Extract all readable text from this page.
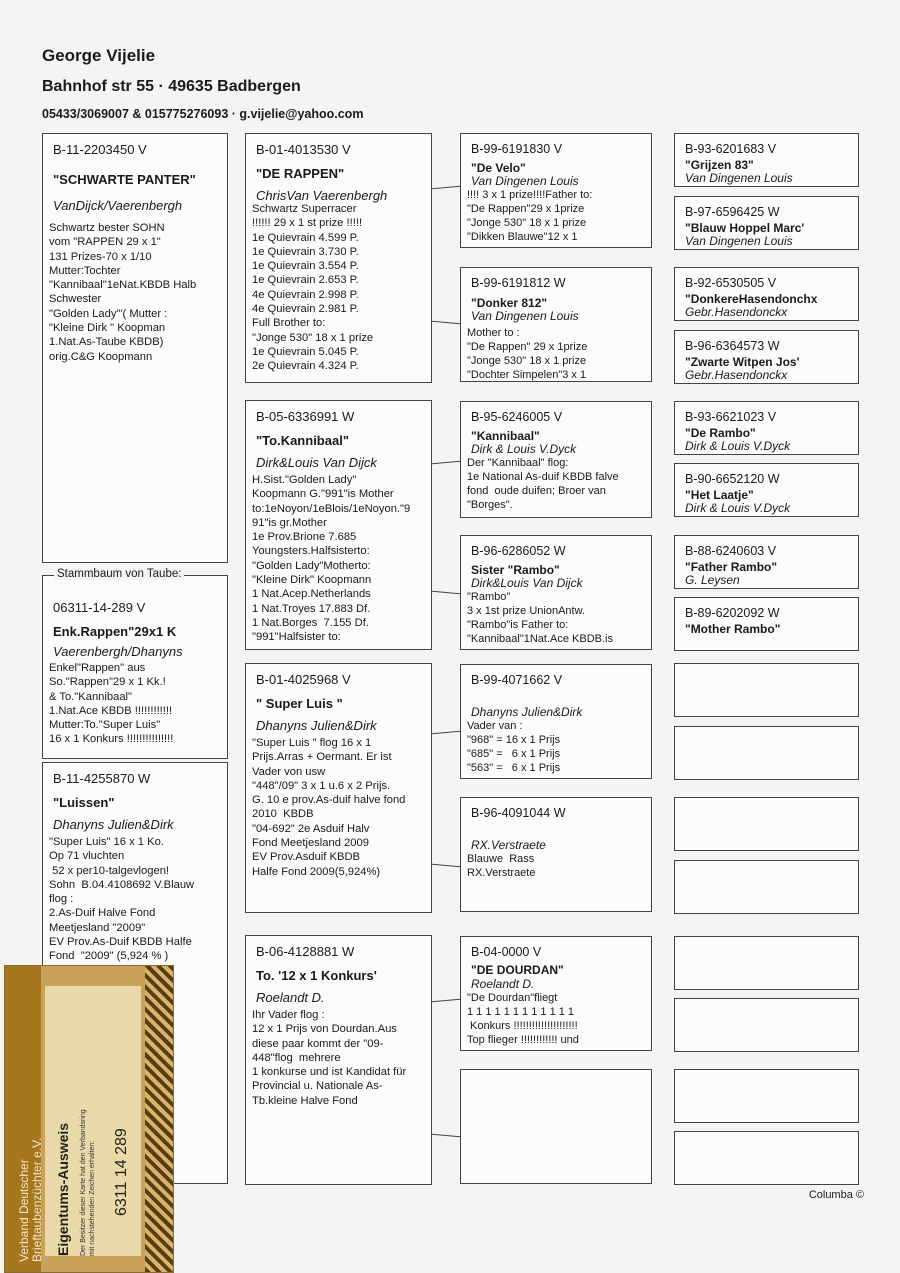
George Vijelie
Bahnhof str 55 · 49635 Badbergen
05433/3069007 & 015775276093 · g.vijelie@yahoo.com
B-11-2203450 V
"SCHWARTE PANTER"
VanDijck/Vaerenbergh
Schwartz bester SOHN
vom "RAPPEN 29 x 1"
131 Prizes-70 x 1/10
Mutter:Tochter
"Kannibaal"1eNat.KBDB Halb
Schwester
"Golden Lady"'( Mutter :
"Kleine Dirk " Koopman
1.Nat.As-Taube KBDB)
orig.C&G Koopmann
06311-14-289 V
Enk.Rappen"29x1 K
Vaerenbergh/Dhanyns
Enkel"Rappen" aus
So."Rappen"29 x 1 Kk.!
& To."Kannibaal"
1.Nat.Ace KBDB !!!!!!!!!!!!
Mutter:To."Super Luis"
16 x 1 Konkurs !!!!!!!!!!!!!!!
Stammbaum von Taube:
B-11-4255870 W
"Luissen"
Dhanyns Julien&Dirk
"Super Luis" 16 x 1 Ko.
Op 71 vluchten
52 x per10-talgevlogen!
Sohn  B.04.4108692 V.Blauw
flog :
2.As-Duif Halve Fond
Meetjesland "2009"
EV Prov.As-Duif KBDB Halfe
Fond  "2009" (5,924 % )
B-01-4013530 V
"DE RAPPEN"
ChrisVan Vaerenbergh
Schwartz Superracer
!!!!!! 29 x 1 st prize !!!!!
1e Quievrain 4.599 P.
1e Quievrain 3.730 P.
1e Quievrain 3.554 P.
1e Quievrain 2.653 P.
4e Quievrain 2.998 P.
4e Quievrain 2.981 P.
Full Brother to:
"Jonge 530" 18 x 1 prize
1e Quievrain 5.045 P.
2e Quievrain 4.324 P.
B-05-6336991 W
"To.Kannibaal"
Dirk&Louis Van Dijck
H.Sist."Golden Lady"
Koopmann G."991"is Mother
to:1eNoyon/1eBlois/1eNoyon."9
91"is gr.Mother
1e Prov.Brione 7.685
Youngsters.Halfsisterto:
"Golden Lady"Motherto:
"Kleine Dirk" Koopmann
1 Nat.Acep.Netherlands
1 Nat.Troyes 17.883 Df.
1 Nat.Borges  7.155 Df.
"991"Halfsister to:
B-01-4025968 V
" Super Luis "
Dhanyns Julien&Dirk
"Super Luis " flog 16 x 1
Prijs.Arras + Oermant. Er ist
Vader von usw
"448"/09" 3 x 1 u.6 x 2 Prijs.
G. 10 e prov.As-duif halve fond
2010  KBDB
"04-692" 2e Asduif Halv
Fond Meetjesland 2009
EV Prov.Asduif KBDB
Halfe Fond 2009(5,924%)
B-06-4128881 W
To. '12 x 1 Konkurs'
Roelandt D.
Ihr Vader flog :
12 x 1 Prijs von Dourdan.Aus
diese paar kommt der "09-
448"flog  mehrere
1 konkurse und ist Kandidat für
Provincial u. Nationale As-
Tb.kleine Halve Fond
B-99-6191830 V
"De Velo"
Van Dingenen Louis
!!!! 3 x 1 prize!!!!Father to:
"De Rappen"29 x 1prize
"Jonge 530" 18 x 1 prize
"Dikken Blauwe"12 x 1
B-99-6191812 W
"Donker 812"
Van Dingenen Louis
Mother to :
"De Rappen" 29 x 1prize
"Jonge 530" 18 x 1 prize
"Dochter Simpelen"3 x 1
B-95-6246005 V
"Kannibaal"
Dirk & Louis V.Dyck
Der "Kannibaal" flog:
1e National As-duif KBDB falve
fond  oude duifen; Broer van
"Borges".
B-96-6286052 W
Sister "Rambo"
Dirk&Louis Van Dijck
"Rambo"
3 x 1st prize UnionAntw.
"Rambo"is Father to:
"Kannibaal"1Nat.Ace KBDB.is
B-99-4071662 V
Dhanyns Julien&Dirk
Vader van :
"968" = 16 x 1 Prijs
"685" =   6 x 1 Prijs
"563" =   6 x 1 Prijs
B-96-4091044 W
RX.Verstraete
Blauwe  Rass
RX.Verstraete
B-04-0000 V
"DE DOURDAN"
Roelandt D.
"De Dourdan"fliegt
1 1 1 1 1 1 1 1 1 1 1 1
Konkurs !!!!!!!!!!!!!!!!!!!!!
Top flieger !!!!!!!!!!!! und
B-93-6201683 V
"Grijzen 83"
Van Dingenen Louis
B-97-6596425 W
"Blauw Hoppel Marc'
Van Dingenen Louis
B-92-6530505 V
"DonkereHasendonchx
Gebr.Hasendonckx
B-96-6364573 W
"Zwarte Witpen Jos'
Gebr.Hasendonckx
B-93-6621023 V
"De Rambo"
Dirk & Louis V.Dyck
B-90-6652120 W
"Het Laatje"
Dirk & Louis V.Dyck
B-88-6240603 V
"Father Rambo"
G. Leysen
B-89-6202092 W
"Mother Rambo"
Columba ©
Verband Deutscher Brieftaubenzüchter e.V. Eigentums-Ausweis Der Besitzer dieser Karte hat den Verbandsring mit nachstehenden Zeichen erhalten: 6311 14 289
